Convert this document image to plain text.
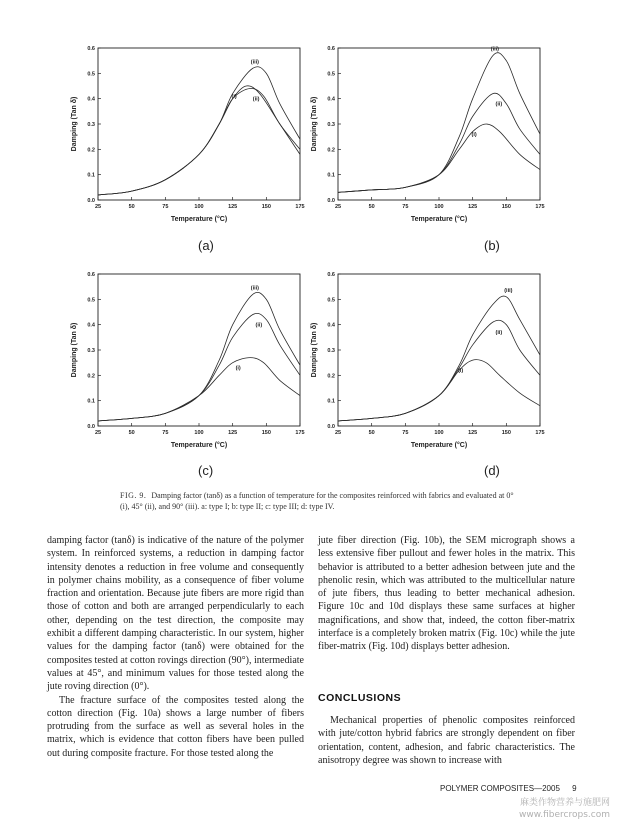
25	50	75	100	125	150	175
0.0
0.1
0.2
0.3
0.4
0.5
0.6
Temperature (°C)
Damping (Tan δ)	(i)	(ii)
(iii)
25	50	75	100	125	150	175
0.0
0.1
0.2
0.3
0.4
0.5
0.6
Temperature (°C)
Damping (Tan δ)	(i)
(ii)
(iii)
25	50	75	100	125	150	175
0.0
0.1
0.2
0.3
0.4
0.5
0.6
Temperature (°C)
Damping (Tan δ)	(i)
(ii)
(iii)
25	50	75	100	125	150	175
0.0
0.1
0.2
0.3
0.4
0.5
0.6
Temperature (°C)
Damping (Tan δ)	(i)
(ii)
(iii)
(a)	(b)
(c)	(d)
FIG. 9. Damping factor (tanδ) as a function of temperature for the composites reinforced with fabrics and evaluated at 0° (i), 45° (ii), and 90° (iii). a: type I; b: type II; c: type III; d: type IV.

damping factor (tanδ) is indicative of the nature of the polymer system. In reinforced systems, a reduction in damping factor intensity denotes a reduction in free volume and consequently in polymer chains mobility, as a consequence of fiber volume fraction and orientation. Because jute fibers are more rigid than those of cotton and both are arranged perpendicularly to each other, depending on the test direction, the composite may exhibit a different damping characteristic. In our system, higher values for the damping factor (tanδ) were obtained for the composites tested at cotton rovings direction (90°), intermediate values at 45°, and minimum values for those tested along the jute roving direction (0°).

The fracture surface of the composites tested along the cotton direction (Fig. 10a) shows a large number of fibers protruding from the surface as well as several holes in the matrix, which is evidence that cotton fibers have been pulled out during composite fracture. For those tested along the

jute fiber direction (Fig. 10b), the SEM micrograph shows a less extensive fiber pullout and fewer holes in the matrix. This behavior is attributed to a better adhesion between jute and the phenolic resin, which was attributed to the multicellular nature of jute fibers, thus leading to better mechanical adhesion. Figure 10c and 10d displays these same surfaces at higher magnifications, and show that, indeed, the cotton fiber-matrix interface is a completely broken matrix (Fig. 10c) while the jute fiber-matrix (Fig. 10d) displays better adhesion.

CONCLUSIONS

Mechanical properties of phenolic composites reinforced with jute/cotton hybrid fabrics are strongly dependent on fiber orientation, content, adhesion, and fabric characteristics. The anisotropy degree was shown to increase with

POLYMER COMPOSITES—2005 9
麻类作物营养与施肥网
www.fibercrops.com
